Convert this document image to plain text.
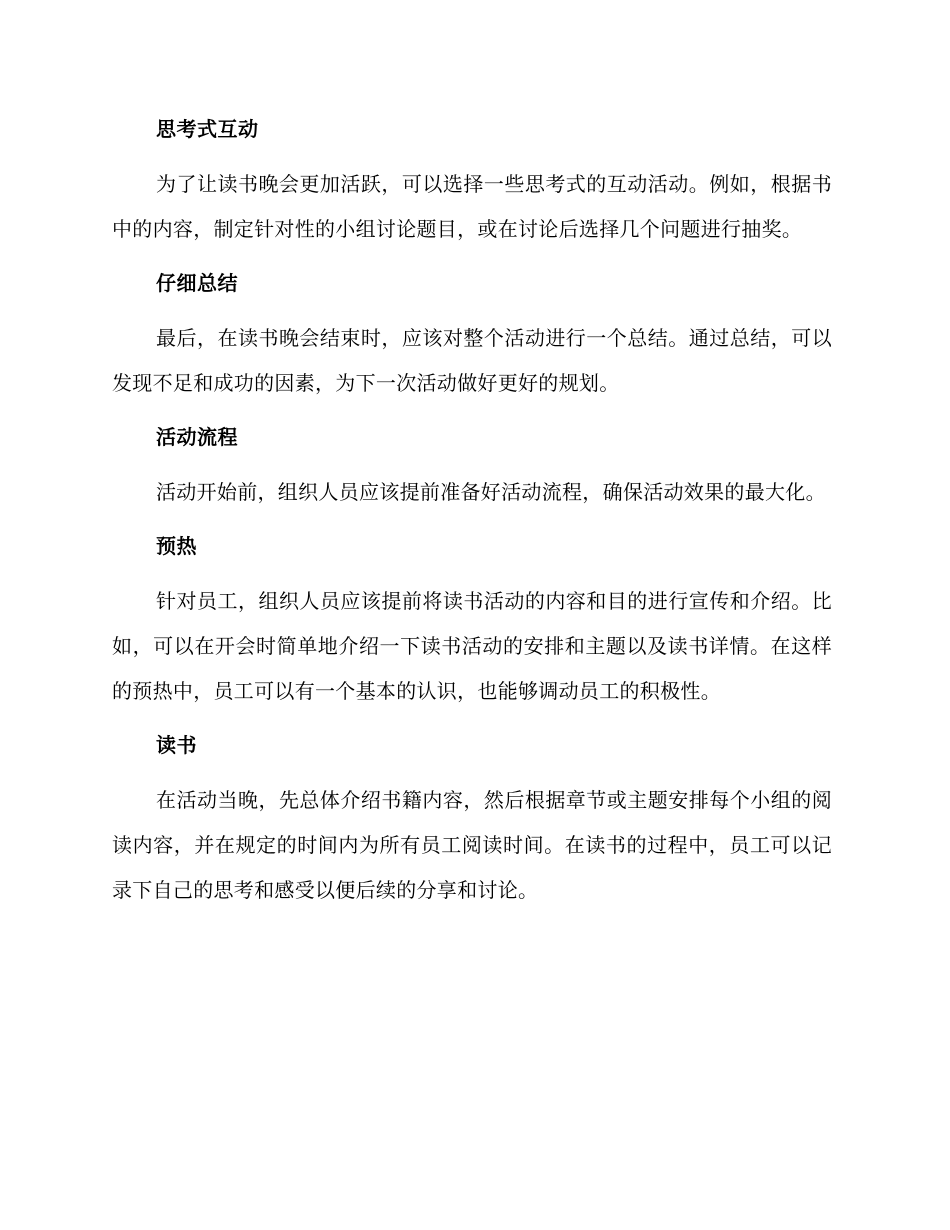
思考式互动

为了让读书晚会更加活跃，可以选择一些思考式的互动活动。例如，根据书中的内容，制定针对性的小组讨论题目，或在讨论后选择几个问题进行抽奖。

仔细总结

最后，在读书晚会结束时，应该对整个活动进行一个总结。通过总结，可以发现不足和成功的因素，为下一次活动做好更好的规划。

活动流程

活动开始前，组织人员应该提前准备好活动流程，确保活动效果的最大化。

预热

针对员工，组织人员应该提前将读书活动的内容和目的进行宣传和介绍。比如，可以在开会时简单地介绍一下读书活动的安排和主题以及读书详情。在这样的预热中，员工可以有一个基本的认识，也能够调动员工的积极性。

读书

在活动当晚，先总体介绍书籍内容，然后根据章节或主题安排每个小组的阅读内容，并在规定的时间内为所有员工阅读时间。在读书的过程中，员工可以记录下自己的思考和感受以便后续的分享和讨论。
